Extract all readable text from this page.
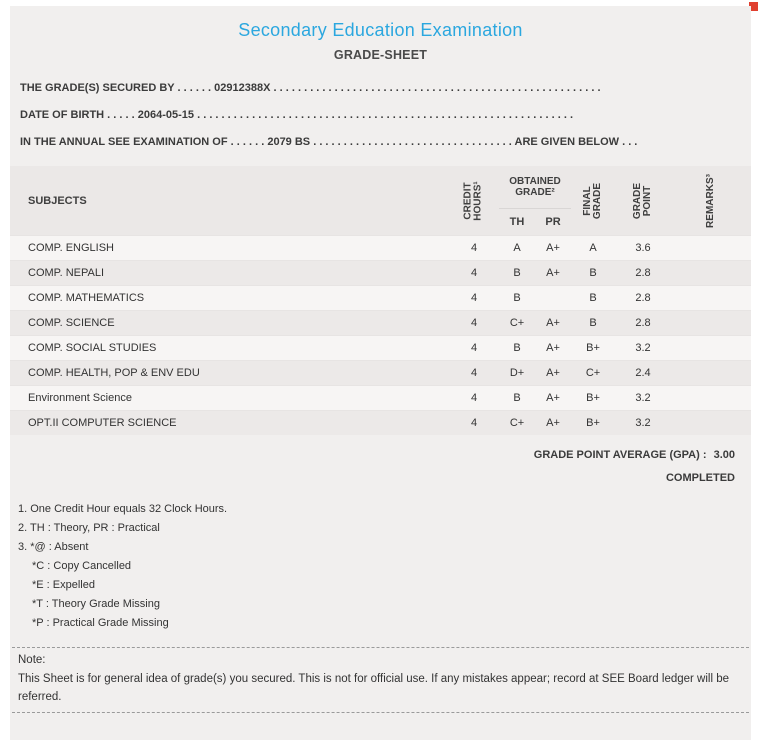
Secondary Education Examination
GRADE-SHEET
THE GRADE(S) SECURED BY . . . . . . 02912388X . . . . . . . . . . . . . . . . . . . . . . . . . . . . . . . . . . . . . . . . . . . . . . . . . . . . . .
DATE OF BIRTH . . . . . 2064-05-15 . . . . . . . . . . . . . . . . . . . . . . . . . . . . . . . . . . . . . . . . . . . . . . . . . . . . . . . . . . . . . .
IN THE ANNUAL SEE EXAMINATION OF . . . . . . 2079 BS . . . . . . . . . . . . . . . . . . . . . . . . . . . . . . . . . ARE GIVEN BELOW . . .
SUBJECTS	CREDIT HOURS¹	OBTAINED GRADE²		FINAL GRADE	GRADE POINT	REMARKS³

		TH	PR			
COMP. ENGLISH	4	A	A+	A	3.6	
COMP. NEPALI	4	B	A+	B	2.8	
COMP. MATHEMATICS	4	B		B	2.8	
COMP. SCIENCE	4	C+	A+	B	2.8	
COMP. SOCIAL STUDIES	4	B	A+	B+	3.2	
COMP. HEALTH, POP & ENV EDU	4	D+	A+	C+	2.4	
Environment Science	4	B	A+	B+	3.2	
OPT.II COMPUTER SCIENCE	4	C+	A+	B+	3.2	
GRADE POINT AVERAGE (GPA) : 3.00
COMPLETED
1. One Credit Hour equals 32 Clock Hours.
2. TH : Theory, PR : Practical
3. *@ : Absent
*C : Copy Cancelled
*E : Expelled
*T : Theory Grade Missing
*P : Practical Grade Missing
Note:
This Sheet is for general idea of grade(s) you secured. This is not for official use. If any mistakes appear; record at SEE Board ledger will be referred.
